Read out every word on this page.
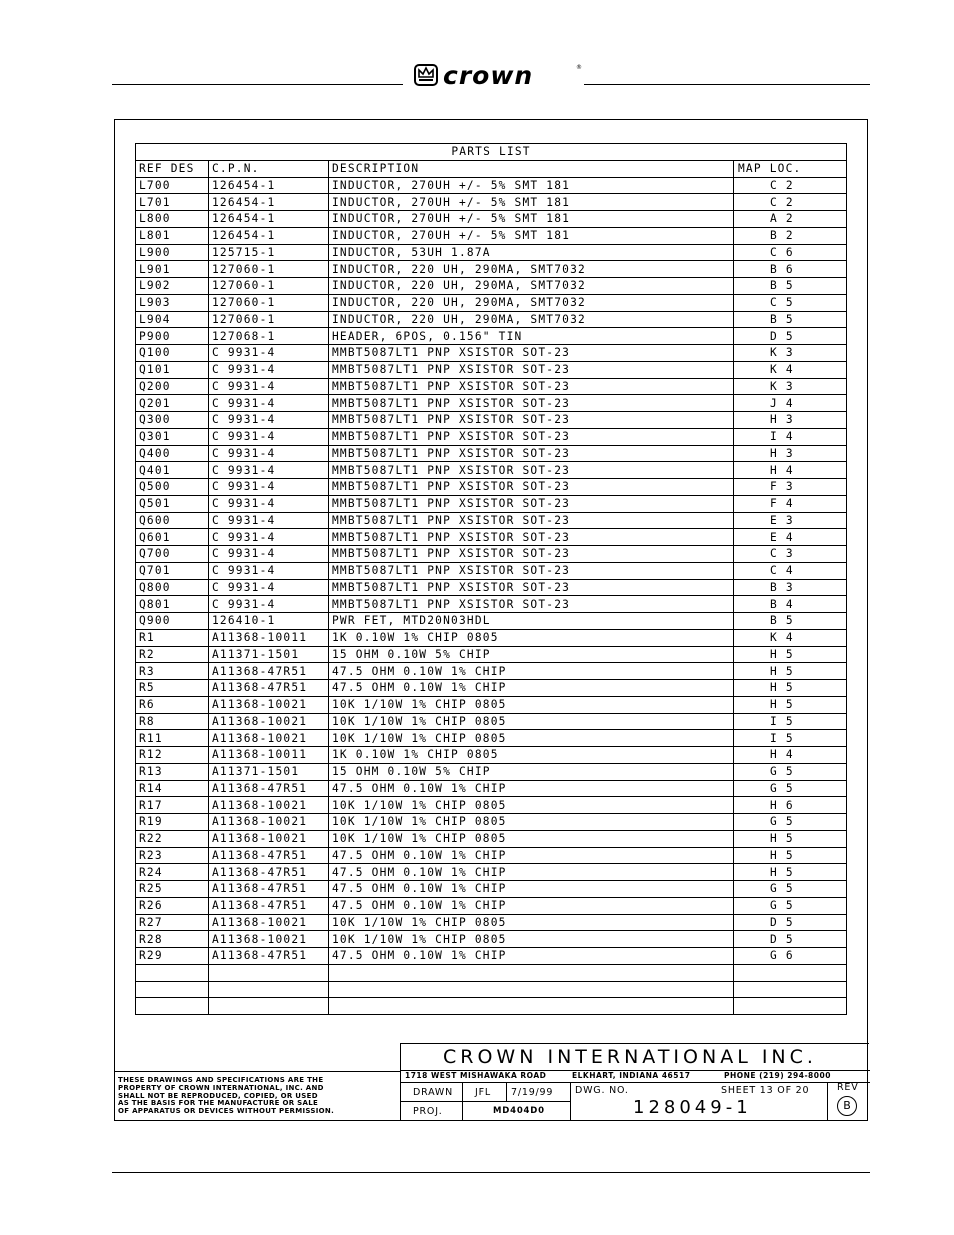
crown	®
PARTS LIST			
REF DES	C.P.N.	DESCRIPTION	MAP LOC.
L700	126454-1	INDUCTOR, 270UH +/- 5% SMT 181	C 2
L701	126454-1	INDUCTOR, 270UH +/- 5% SMT 181	C 2
L800	126454-1	INDUCTOR, 270UH +/- 5% SMT 181	A 2
L801	126454-1	INDUCTOR, 270UH +/- 5% SMT 181	B 2
L900	125715-1	INDUCTOR, 53UH 1.87A	C 6
L901	127060-1	INDUCTOR, 220 UH, 290MA, SMT7032	B 6
L902	127060-1	INDUCTOR, 220 UH, 290MA, SMT7032	B 5
L903	127060-1	INDUCTOR, 220 UH, 290MA, SMT7032	C 5
L904	127060-1	INDUCTOR, 220 UH, 290MA, SMT7032	B 5
P900	127068-1	HEADER, 6POS, 0.156" TIN	D 5
Q100	C 9931-4	MMBT5087LT1 PNP XSISTOR SOT-23	K 3
Q101	C 9931-4	MMBT5087LT1 PNP XSISTOR SOT-23	K 4
Q200	C 9931-4	MMBT5087LT1 PNP XSISTOR SOT-23	K 3
Q201	C 9931-4	MMBT5087LT1 PNP XSISTOR SOT-23	J 4
Q300	C 9931-4	MMBT5087LT1 PNP XSISTOR SOT-23	H 3
Q301	C 9931-4	MMBT5087LT1 PNP XSISTOR SOT-23	I 4
Q400	C 9931-4	MMBT5087LT1 PNP XSISTOR SOT-23	H 3
Q401	C 9931-4	MMBT5087LT1 PNP XSISTOR SOT-23	H 4
Q500	C 9931-4	MMBT5087LT1 PNP XSISTOR SOT-23	F 3
Q501	C 9931-4	MMBT5087LT1 PNP XSISTOR SOT-23	F 4
Q600	C 9931-4	MMBT5087LT1 PNP XSISTOR SOT-23	E 3
Q601	C 9931-4	MMBT5087LT1 PNP XSISTOR SOT-23	E 4
Q700	C 9931-4	MMBT5087LT1 PNP XSISTOR SOT-23	C 3
Q701	C 9931-4	MMBT5087LT1 PNP XSISTOR SOT-23	C 4
Q800	C 9931-4	MMBT5087LT1 PNP XSISTOR SOT-23	B 3
Q801	C 9931-4	MMBT5087LT1 PNP XSISTOR SOT-23	B 4
Q900	126410-1	PWR FET, MTD20N03HDL	B 5
R1	A11368-10011	1K 0.10W 1% CHIP 0805	K 4
R2	A11371-1501	15 OHM 0.10W 5% CHIP	H 5
R3	A11368-47R51	47.5 OHM 0.10W 1% CHIP	H 5
R5	A11368-47R51	47.5 OHM 0.10W 1% CHIP	H 5
R6	A11368-10021	10K 1/10W 1% CHIP 0805	H 5
R8	A11368-10021	10K 1/10W 1% CHIP 0805	I 5
R11	A11368-10021	10K 1/10W 1% CHIP 0805	I 5
R12	A11368-10011	1K 0.10W 1% CHIP 0805	H 4
R13	A11371-1501	15 OHM 0.10W 5% CHIP	G 5
R14	A11368-47R51	47.5 OHM 0.10W 1% CHIP	G 5
R17	A11368-10021	10K 1/10W 1% CHIP 0805	H 6
R19	A11368-10021	10K 1/10W 1% CHIP 0805	G 5
R22	A11368-10021	10K 1/10W 1% CHIP 0805	H 5
R23	A11368-47R51	47.5 OHM 0.10W 1% CHIP	H 5
R24	A11368-47R51	47.5 OHM 0.10W 1% CHIP	H 5
R25	A11368-47R51	47.5 OHM 0.10W 1% CHIP	G 5
R26	A11368-47R51	47.5 OHM 0.10W 1% CHIP	G 5
R27	A11368-10021	10K 1/10W 1% CHIP 0805	D 5
R28	A11368-10021	10K 1/10W 1% CHIP 0805	D 5
R29	A11368-47R51	47.5 OHM 0.10W 1% CHIP	G 6

THESE DRAWINGS AND SPECIFICATIONS ARE THE
PROPERTY OF CROWN INTERNATIONAL, INC. AND
SHALL NOT BE REPRODUCED, COPIED, OR USED
AS THE BASIS FOR THE MANUFACTURE OR SALE
OF APPARATUS OR DEVICES WITHOUT PERMISSION.
CROWN INTERNATIONAL INC.
1718 WEST MISHAWAKA ROAD	ELKHART, INDIANA 46517	PHONE (219) 294-8000
DRAWN JFL 7/19/99
PROJ.	MD404D0
DWG. NO.	SHEET 13 OF 20
128049-1
REV
B
